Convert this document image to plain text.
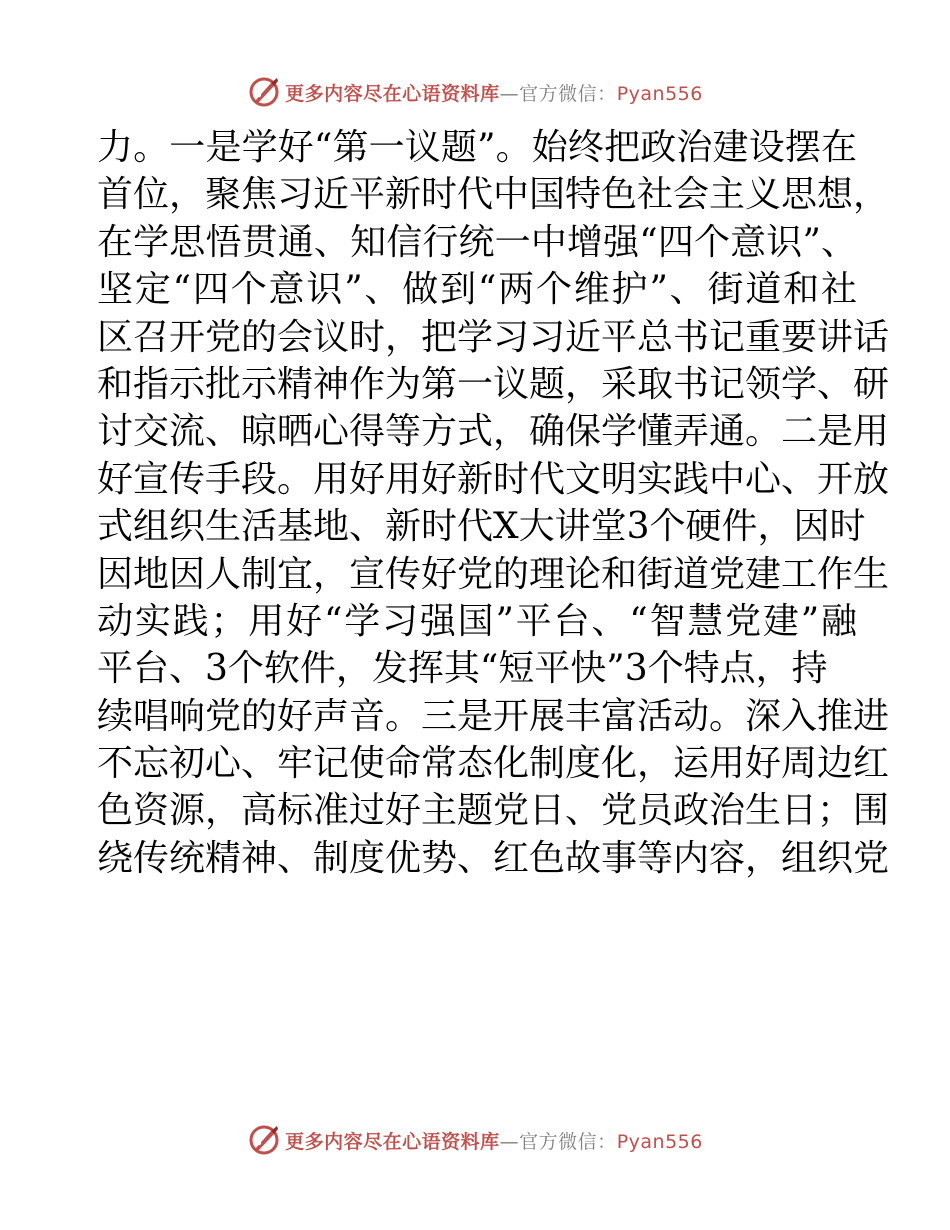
更多内容尽在心语资料库—官方微信：Pyan556
力。一是学好“第一议题”。始终把政治建设摆在
首位，聚焦习近平新时代中国特色社会主义思想，
在学思悟贯通、知信行统一中增强“四个意识”、
坚定“四个意识”、做到“两个维护”、街道和社
区召开党的会议时，把学习习近平总书记重要讲话
和指示批示精神作为第一议题，采取书记领学、研
讨交流、晾晒心得等方式，确保学懂弄通。二是用
好宣传手段。用好用好新时代文明实践中心、开放
式组织生活基地、新时代X大讲堂3个硬件，因时
因地因人制宜，宣传好党的理论和街道党建工作生
动实践；用好“学习强国”平台、“智慧党建”融
平台、3个软件，发挥其“短平快”3个特点，持
续唱响党的好声音。三是开展丰富活动。深入推进
不忘初心、牢记使命常态化制度化，运用好周边红
色资源，高标准过好主题党日、党员政治生日；围
绕传统精神、制度优势、红色故事等内容，组织党
更多内容尽在心语资料库—官方微信：Pyan556
